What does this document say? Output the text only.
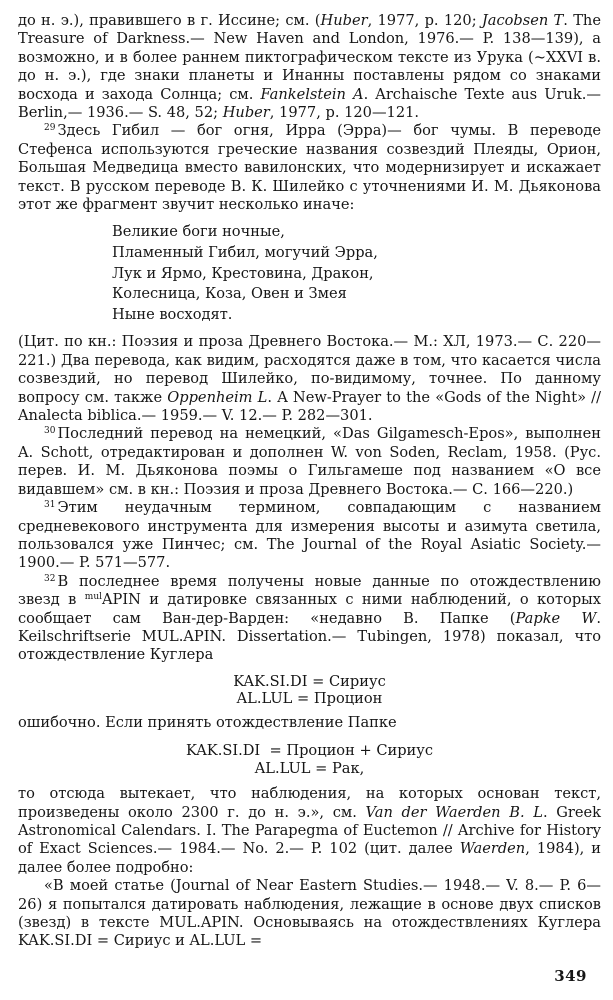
до н. э.), правившего в г. Иссине; см. (Huber, 1977, р. 120; Jacobsen T. The Treasure of Darkness.— New Haven and London, 1976.— P. 138—139), а возможно, и в более раннем пиктографическом тексте из Урука (~XXVI в. до н. э.), где знаки планеты и Инанны поставлены рядом со знаками восхода и захода Солнца; см. Fankelstein A. Archaische Texte aus Uruk.— Berlin,— 1936.— S. 48, 52; Huber, 1977, р. 120—121.

$^{29}$ Здесь Гибил — бог огня, Ирра (Эрра)— бог чумы. В переводе Стефенса используются греческие названия созвездий Плеяды, Орион, Большая Медведица вместо вавилонских, что модернизирует и искажает текст. В русском переводе В. К. Шилейко с уточнениями И. М. Дьяконова этот же фрагмент звучит несколько иначе:

Великие боги ночные,
Пламенный Гибил, могучий Эрра,
Лук и Ярмо, Крестовина, Дракон,
Колесница, Коза, Овен и Змея
Ныне восходят.

(Цит. по кн.: Поэзия и проза Древнего Востока.— М.: ХЛ, 1973.— С. 220—221.) Два перевода, как видим, расходятся даже в том, что касается числа созвездий, но перевод Шилейко, по-видимому, точнее. По данному вопросу см. также Oppenheim L. A New-Prayer to the «Gods of the Night» // Analecta biblica.— 1959.— V. 12.— P. 282—301.

$^{30}$ Последний перевод на немецкий, «Das Gilgamesch-Epos», выполнен A. Schott, отредактирован и дополнен W. von Soden, Reclam, 1958. (Рус. перев. И. М. Дьяконова поэмы о Гильгамеше под названием «О все видавшем» см. в кн.: Поэзия и проза Древнего Востока.— С. 166—220.)

$^{31}$ Этим неудачным термином, совпадающим с названием средневекового инструмента для измерения высоты и азимута светила, пользовался уже Пинчес; см. The Journal of the Royal Asiatic Society.— 1900.— P. 571—577.

$^{32}$ В последнее время получены новые данные по отождествлению звезд в $^{mul}$APIN и датировке связанных с ними наблюдений, о которых сообщает сам Ван-дер-Варден: «недавно В. Папке (Papke W. Keilschriftserie MUL.APIN. Dissertation.— Tubingen, 1978) показал, что отождествление Куглера

KAK.SI.DI = Сириус
AL.LUL = Процион

ошибочно. Если принять отождествление Папке

KAK.SI.DI  = Процион + Сириус
AL.LUL = Рак,

то отсюда вытекает, что наблюдения, на которых основан текст, произведены около 2300 г. до н. э.», см. Van der Waerden B. L. Greek Astronomical Calendars. I. The Parapegma of Euctemon // Archive for History of Exact Sciences.— 1984.— No. 2.— P. 102 (цит. далее Waerden, 1984), и далее более подробно:

«В моей статье (Journal of Near Eastern Studies.— 1948.— V. 8.— P. 6—26) я попытался датировать наблюдения, лежащие в основе двух списков (звезд) в тексте MUL.APIN. Основываясь на отождествлениях Куглера KAK.SI.DI = Сириус и AL.LUL =

349
